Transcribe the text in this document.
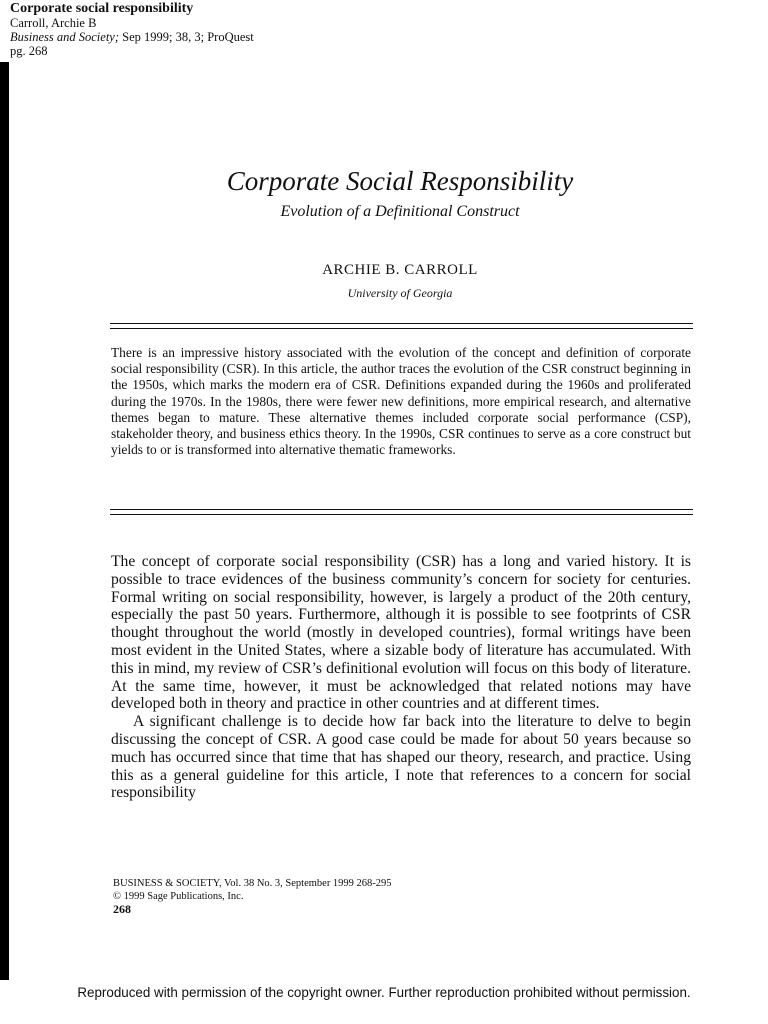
Corporate social responsibility
Carroll, Archie B
Business and Society; Sep 1999; 38, 3; ProQuest
pg. 268
Corporate Social Responsibility
Evolution of a Definitional Construct
ARCHIE B. CARROLL
University of Georgia
There is an impressive history associated with the evolution of the concept and definition of corporate social responsibility (CSR). In this article, the author traces the evolution of the CSR construct beginning in the 1950s, which marks the modern era of CSR. Definitions expanded during the 1960s and proliferated during the 1970s. In the 1980s, there were fewer new definitions, more empirical research, and alternative themes began to mature. These alternative themes included corporate social performance (CSP), stakeholder theory, and business ethics theory. In the 1990s, CSR continues to serve as a core construct but yields to or is transformed into alternative thematic frameworks.

The concept of corporate social responsibility (CSR) has a long and varied history. It is possible to trace evidences of the business community’s concern for society for centuries. Formal writing on social responsibility, however, is largely a product of the 20th century, especially the past 50 years. Furthermore, although it is possible to see footprints of CSR thought throughout the world (mostly in developed countries), formal writings have been most evident in the United States, where a sizable body of literature has accumulated. With this in mind, my review of CSR’s definitional evolution will focus on this body of literature. At the same time, however, it must be acknowledged that related notions may have developed both in theory and practice in other countries and at different times.

A significant challenge is to decide how far back into the literature to delve to begin discussing the concept of CSR. A good case could be made for about 50 years because so much has occurred since that time that has shaped our theory, research, and practice. Using this as a general guideline for this article, I note that references to a concern for social responsibility

BUSINESS & SOCIETY, Vol. 38 No. 3, September 1999 268-295
© 1999 Sage Publications, Inc.
268
Reproduced with permission of the copyright owner. Further reproduction prohibited without permission.
